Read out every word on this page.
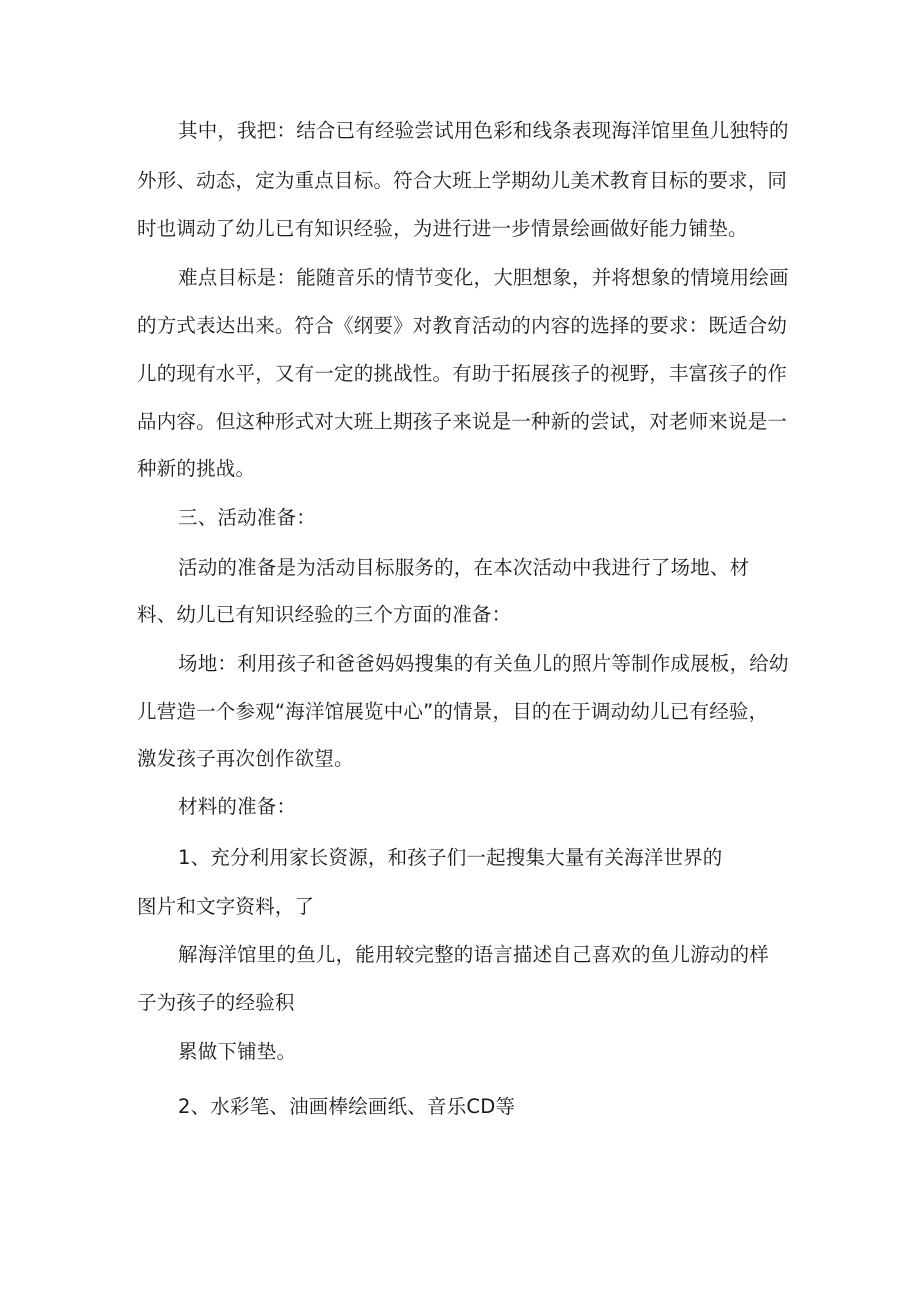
其中，我把：结合已有经验尝试用色彩和线条表现海洋馆里鱼儿独特的
外形、动态，定为重点目标。符合大班上学期幼儿美术教育目标的要求，同
时也调动了幼儿已有知识经验，为进行进一步情景绘画做好能力铺垫。
难点目标是：能随音乐的情节变化，大胆想象，并将想象的情境用绘画
的方式表达出来。符合《纲要》对教育活动的内容的选择的要求：既适合幼
儿的现有水平，又有一定的挑战性。有助于拓展孩子的视野，丰富孩子的作
品内容。但这种形式对大班上期孩子来说是一种新的尝试，对老师来说是一
种新的挑战。
三、活动准备：
活动的准备是为活动目标服务的，在本次活动中我进行了场地、材
料、幼儿已有知识经验的三个方面的准备：
场地：利用孩子和爸爸妈妈搜集的有关鱼儿的照片等制作成展板，给幼
儿营造一个参观“海洋馆展览中心”的情景，目的在于调动幼儿已有经验，
激发孩子再次创作欲望。
材料的准备：
1、充分利用家长资源，和孩子们一起搜集大量有关海洋世界的
图片和文字资料，了
解海洋馆里的鱼儿，能用较完整的语言描述自己喜欢的鱼儿游动的样
子为孩子的经验积
累做下铺垫。
2、水彩笔、油画棒绘画纸、音乐CD等
